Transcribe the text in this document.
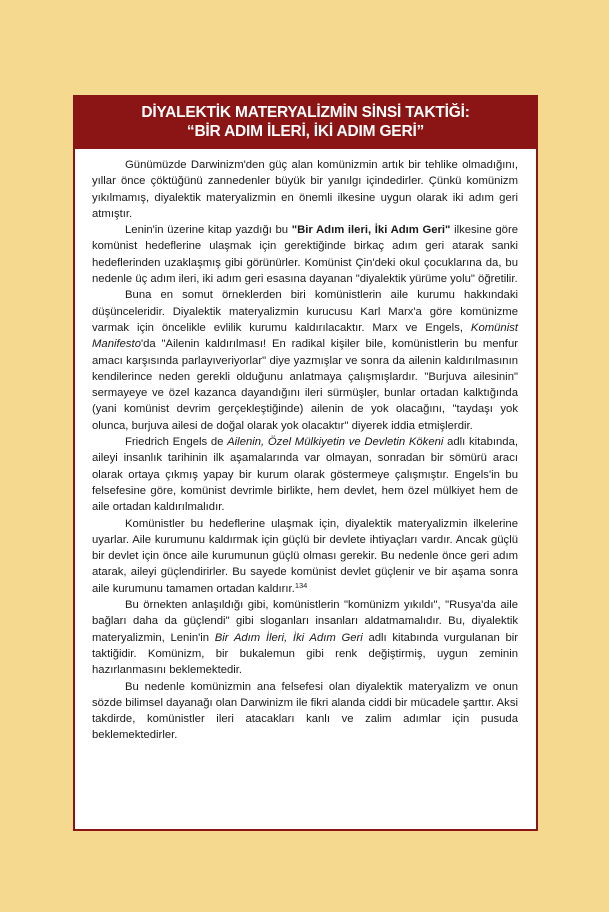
DİYALEKTİK MATERYALİZMİN SİNSİ TAKTİĞİ:
“BİR ADIM İLERİ, İKİ ADIM GERİ”

Günümüzde Darwinizm'den güç alan komünizmin artık bir tehlike olmadığını, yıllar önce çöktüğünü zannedenler büyük bir yanılgı içindedirler. Çünkü komünizm yıkılmamış, diyalektik materyalizmin en önemli ilkesine uygun olarak iki adım geri atmıştır.

Lenin'in üzerine kitap yazdığı bu "Bir Adım ileri, İki Adım Geri" ilkesine göre komünist hedeflerine ulaşmak için gerektiğinde birkaç adım geri atarak sanki hedeflerinden uzaklaşmış gibi görünürler. Komünist Çin'deki okul çocuklarına da, bu nedenle üç adım ileri, iki adım geri esasına dayanan "diyalektik yürüme yolu" öğretilir.

Buna en somut örneklerden biri komünistlerin aile kurumu hakkındaki düşünceleridir. Diyalektik materyalizmin kurucusu Karl Marx'a göre komünizme varmak için öncelikle evlilik kurumu kaldırılacaktır. Marx ve Engels, Komünist Manifesto'da "Ailenin kaldırılması! En radikal kişiler bile, komünistlerin bu menfur amacı karşısında parlayıveriyorlar" diye yazmışlar ve sonra da ailenin kaldırılmasının kendilerince neden gerekli olduğunu anlatmaya çalışmışlardır. "Burjuva ailesinin" sermayeye ve özel kazanca dayandığını ileri sürmüşler, bunlar ortadan kalktığında (yani komünist devrim gerçekleştiğinde) ailenin de yok olacağını, "taydaşı yok olunca, burjuva ailesi de doğal olarak yok olacaktır" diyerek iddia etmişlerdir.

Friedrich Engels de Ailenin, Özel Mülkiyetin ve Devletin Kökeni adlı kitabında, aileyi insanlık tarihinin ilk aşamalarında var olmayan, sonradan bir sömürü aracı olarak ortaya çıkmış yapay bir kurum olarak göstermeye çalışmıştır. Engels'in bu felsefesine göre, komünist devrimle birlikte, hem devlet, hem özel mülkiyet hem de aile ortadan kaldırılmalıdır.

Komünistler bu hedeflerine ulaşmak için, diyalektik materyalizmin ilkelerine uyarlar. Aile kurumunu kaldırmak için güçlü bir devlete ihtiyaçları vardır. Ancak güçlü bir devlet için önce aile kurumunun güçlü olması gerekir. Bu nedenle önce geri adım atarak, aileyi güçlendirirler. Bu sayede komünist devlet güçlenir ve bir aşama sonra aile kurumunu tamamen ortadan kaldırır.$^{134}$

Bu örnekten anlaşıldığı gibi, komünistlerin "komünizm yıkıldı", "Rusya'da aile bağları daha da güçlendi" gibi sloganları insanları aldatmamalıdır. Bu, diyalektik materyalizmin, Lenin'in Bir Adım İleri, İki Adım Geri adlı kitabında vurgulanan bir taktiğidir. Komünizm, bir bukalemun gibi renk değiştirmiş, uygun zeminin hazırlanmasını beklemektedir.

Bu nedenle komünizmin ana felsefesi olan diyalektik materyalizm ve onun sözde bilimsel dayanağı olan Darwinizm ile fikri alanda ciddi bir mücadele şarttır. Aksi takdirde, komünistler ileri atacakları kanlı ve zalim adımlar için pusuda beklemektedirler.
